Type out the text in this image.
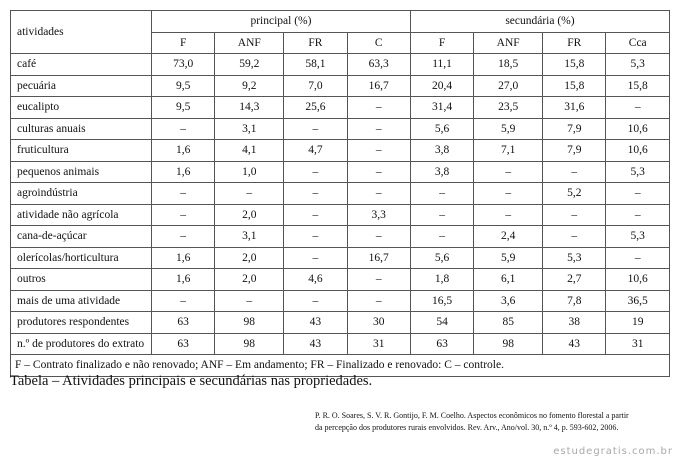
atividades	principal (%)				secundária (%)			
	F	ANF	FR	C	F	ANF	FR	Cca
café	73,0	59,2	58,1	63,3	11,1	18,5	15,8	5,3
pecuária	9,5	9,2	7,0	16,7	20,4	27,0	15,8	15,8
eucalipto	9,5	14,3	25,6	–	31,4	23,5	31,6	–
culturas anuais	–	3,1	–	–	5,6	5,9	7,9	10,6
fruticultura	1,6	4,1	4,7	–	3,8	7,1	7,9	10,6
pequenos animais	1,6	1,0	–	–	3,8	–	–	5,3
agroindústria	–	–	–	–	–	–	5,2	–
atividade não agrícola	–	2,0	–	3,3	–	–	–	–
cana-de-açúcar	–	3,1	–	–	–	2,4	–	5,3
olerícolas/horticultura	1,6	2,0	–	16,7	5,6	5,9	5,3	–
outros	1,6	2,0	4,6	–	1,8	6,1	2,7	10,6
mais de uma atividade	–	–	–	–	16,5	3,6	7,8	36,5
produtores respondentes	63	98	43	30	54	85	38	19
n.º de produtores do extrato	63	98	43	31	63	98	43	31
F – Contrato finalizado e não renovado; ANF – Em andamento; FR – Finalizado e renovado: C – controle.								
Tabela – Atividades principais e secundárias nas propriedades.
P. R. O. Soares, S. V. R. Gontijo, F. M. Coelho. Aspectos econômicos no fomento florestal a partir
da percepção dos produtores rurais envolvidos. Rev. Arv., Ano/vol. 30, n.º 4, p. 593-602, 2006.
estudegratis.com.br
